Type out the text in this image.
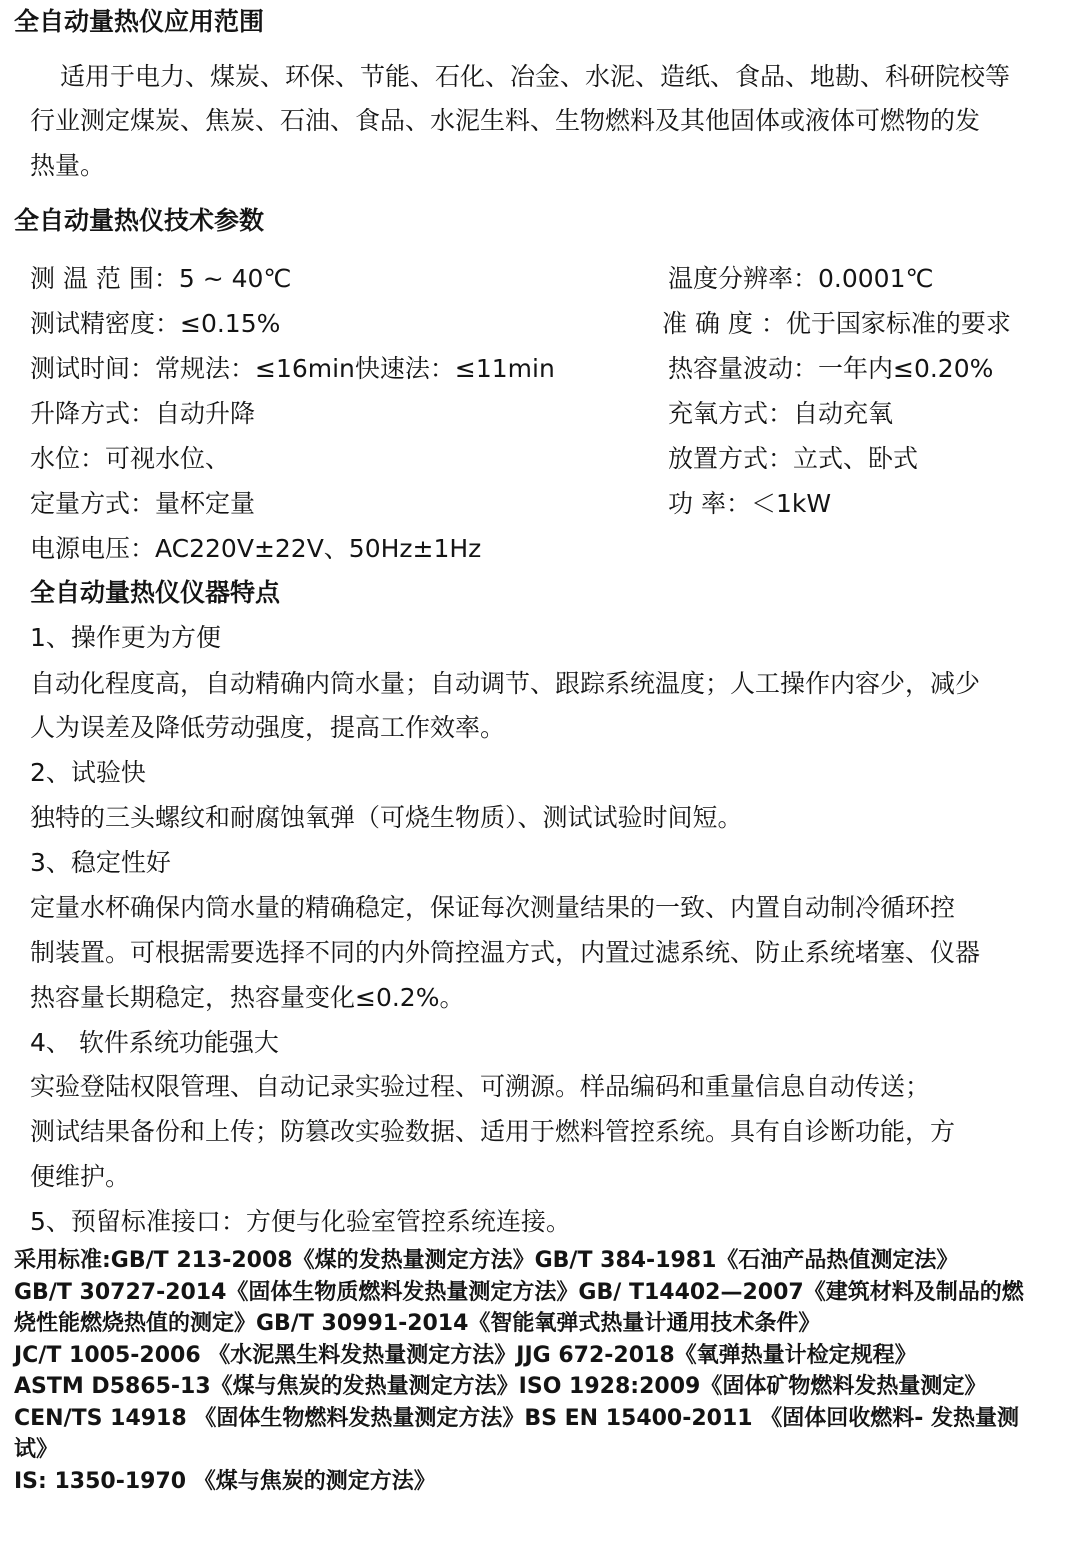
全自动量热仪应用范围
适用于电力、煤炭、环保、节能、石化、冶金、水泥、造纸、食品、地勘、科研院校等
行业测定煤炭、焦炭、石油、食品、水泥生料、生物燃料及其他固体或液体可燃物的发
热量。
全自动量热仪技术参数
测 温 范 围：5 ~ 40℃
测试精密度：≤0.15%
测试时间：常规法：≤16min快速法：≤11min
升降方式：自动升降
水位：可视水位、
定量方式：量杯定量
电源电压：AC220V±22V、50Hz±1Hz
温度分辨率：0.0001℃
准 确 度 ：优于国家标准的要求
热容量波动：一年内≤0.20%
充氧方式：自动充氧
放置方式：立式、卧式
功 率：＜1kW
全自动量热仪仪器特点
1、操作更为方便
自动化程度高，自动精确内筒水量；自动调节、跟踪系统温度；人工操作内容少，减少
人为误差及降低劳动强度，提高工作效率。
2、试验快
独特的三头螺纹和耐腐蚀氧弹（可烧生物质）、测试试验时间短。
3、稳定性好
定量水杯确保内筒水量的精确稳定，保证每次测量结果的一致、内置自动制冷循环控
制装置。可根据需要选择不同的内外筒控温方式，内置过滤系统、防止系统堵塞、仪器
热容量长期稳定，热容量变化≤0.2%。
4、 软件系统功能强大
实验登陆权限管理、自动记录实验过程、可溯源。样品编码和重量信息自动传送；
测试结果备份和上传；防篡改实验数据、适用于燃料管控系统。具有自诊断功能，方
便维护。
5、预留标准接口：方便与化验室管控系统连接。
采用标准:GB/T 213-2008《煤的发热量测定方法》GB/T 384-1981《石油产品热值测定法》
GB/T 30727-2014《固体生物质燃料发热量测定方法》GB/ T14402—2007《建筑材料及制品的燃
烧性能燃烧热值的测定》GB/T 30991-2014《智能氧弹式热量计通用技术条件》
JC/T 1005-2006 《水泥黑生料发热量测定方法》JJG 672-2018《氧弹热量计检定规程》
ASTM D5865-13《煤与焦炭的发热量测定方法》ISO 1928:2009《固体矿物燃料发热量测定》
CEN/TS 14918 《固体生物燃料发热量测定方法》BS EN 15400-2011 《固体回收燃料- 发热量测
试》
IS: 1350-1970 《煤与焦炭的测定方法》
